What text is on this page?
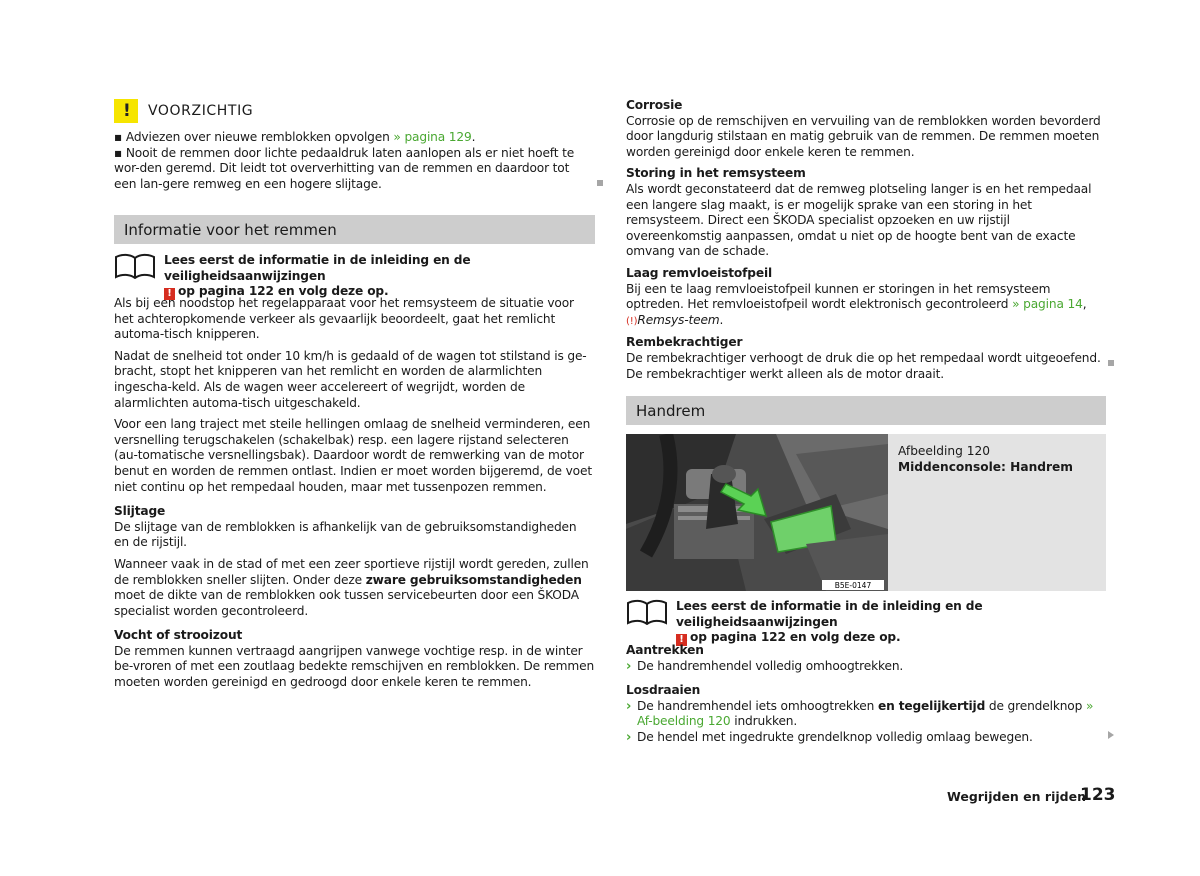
! VOORZICHTIG

▪ Adviezen over nieuwe remblokken opvolgen » pagina 129.

▪ Nooit de remmen door lichte pedaaldruk laten aanlopen als er niet hoeft te wor-den geremd. Dit leidt tot oververhitting van de remmen en daardoor tot een lan-gere remweg en een hogere slijtage.

Informatie voor het remmen
Lees eerst de informatie in de inleiding en de veiligheidsaanwijzingen
! op pagina 122 en volg deze op.

Als bij een noodstop het regelapparaat voor het remsysteem de situatie voor het achteropkomende verkeer als gevaarlijk beoordeelt, gaat het remlicht automa-tisch knipperen.

Nadat de snelheid tot onder 10 km/h is gedaald of de wagen tot stilstand is ge-bracht, stopt het knipperen van het remlicht en worden de alarmlichten ingescha-keld. Als de wagen weer accelereert of wegrijdt, worden de alarmlichten automa-tisch uitgeschakeld.

Voor een lang traject met steile hellingen omlaag de snelheid verminderen, een versnelling terugschakelen (schakelbak) resp. een lagere rijstand selecteren (au-tomatische versnellingsbak). Daardoor wordt de remwerking van de motor benut en worden de remmen ontlast. Indien er moet worden bijgeremd, de voet niet continu op het rempedaal houden, maar met tussenpozen remmen.

Slijtage

De slijtage van de remblokken is afhankelijk van de gebruiksomstandigheden en de rijstijl.

Wanneer vaak in de stad of met een zeer sportieve rijstijl wordt gereden, zullen de remblokken sneller slijten. Onder deze zware gebruiksomstandigheden moet de dikte van de remblokken ook tussen servicebeurten door een ŠKODA specialist worden gecontroleerd.

Vocht of strooizout

De remmen kunnen vertraagd aangrijpen vanwege vochtige resp. in de winter be-vroren of met een zoutlaag bedekte remschijven en remblokken. De remmen moeten worden gereinigd en gedroogd door enkele keren te remmen.

Corrosie

Corrosie op de remschijven en vervuiling van de remblokken worden bevorderd door langdurig stilstaan en matig gebruik van de remmen. De remmen moeten worden gereinigd door enkele keren te remmen.

Storing in het remsysteem

Als wordt geconstateerd dat de remweg plotseling langer is en het rempedaal een langere slag maakt, is er mogelijk sprake van een storing in het remsysteem. Direct een ŠKODA specialist opzoeken en uw rijstijl overeenkomstig aanpassen, omdat u niet op de hoogte bent van de exacte omvang van de schade.

Laag remvloeistofpeil

Bij een te laag remvloeistofpeil kunnen er storingen in het remsysteem optreden. Het remvloeistofpeil wordt elektronisch gecontroleerd » pagina 14, (!)Remsys-teem.

Rembekrachtiger

De rembekrachtiger verhoogt de druk die op het rempedaal wordt uitgeoefend. De rembekrachtiger werkt alleen als de motor draait.

Handrem
B5E-0147

Afbeelding 120

Middenconsole: Handrem

Lees eerst de informatie in de inleiding en de veiligheidsaanwijzingen
! op pagina 122 en volg deze op.

Aantrekken

› De handremhendel volledig omhoogtrekken.

Losdraaien

› De handremhendel iets omhoogtrekken en tegelijkertijd de grendelknop » Af-beelding 120 indrukken.
› De hendel met ingedrukte grendelknop volledig omlaag bewegen.
Wegrijden en rijden
123
